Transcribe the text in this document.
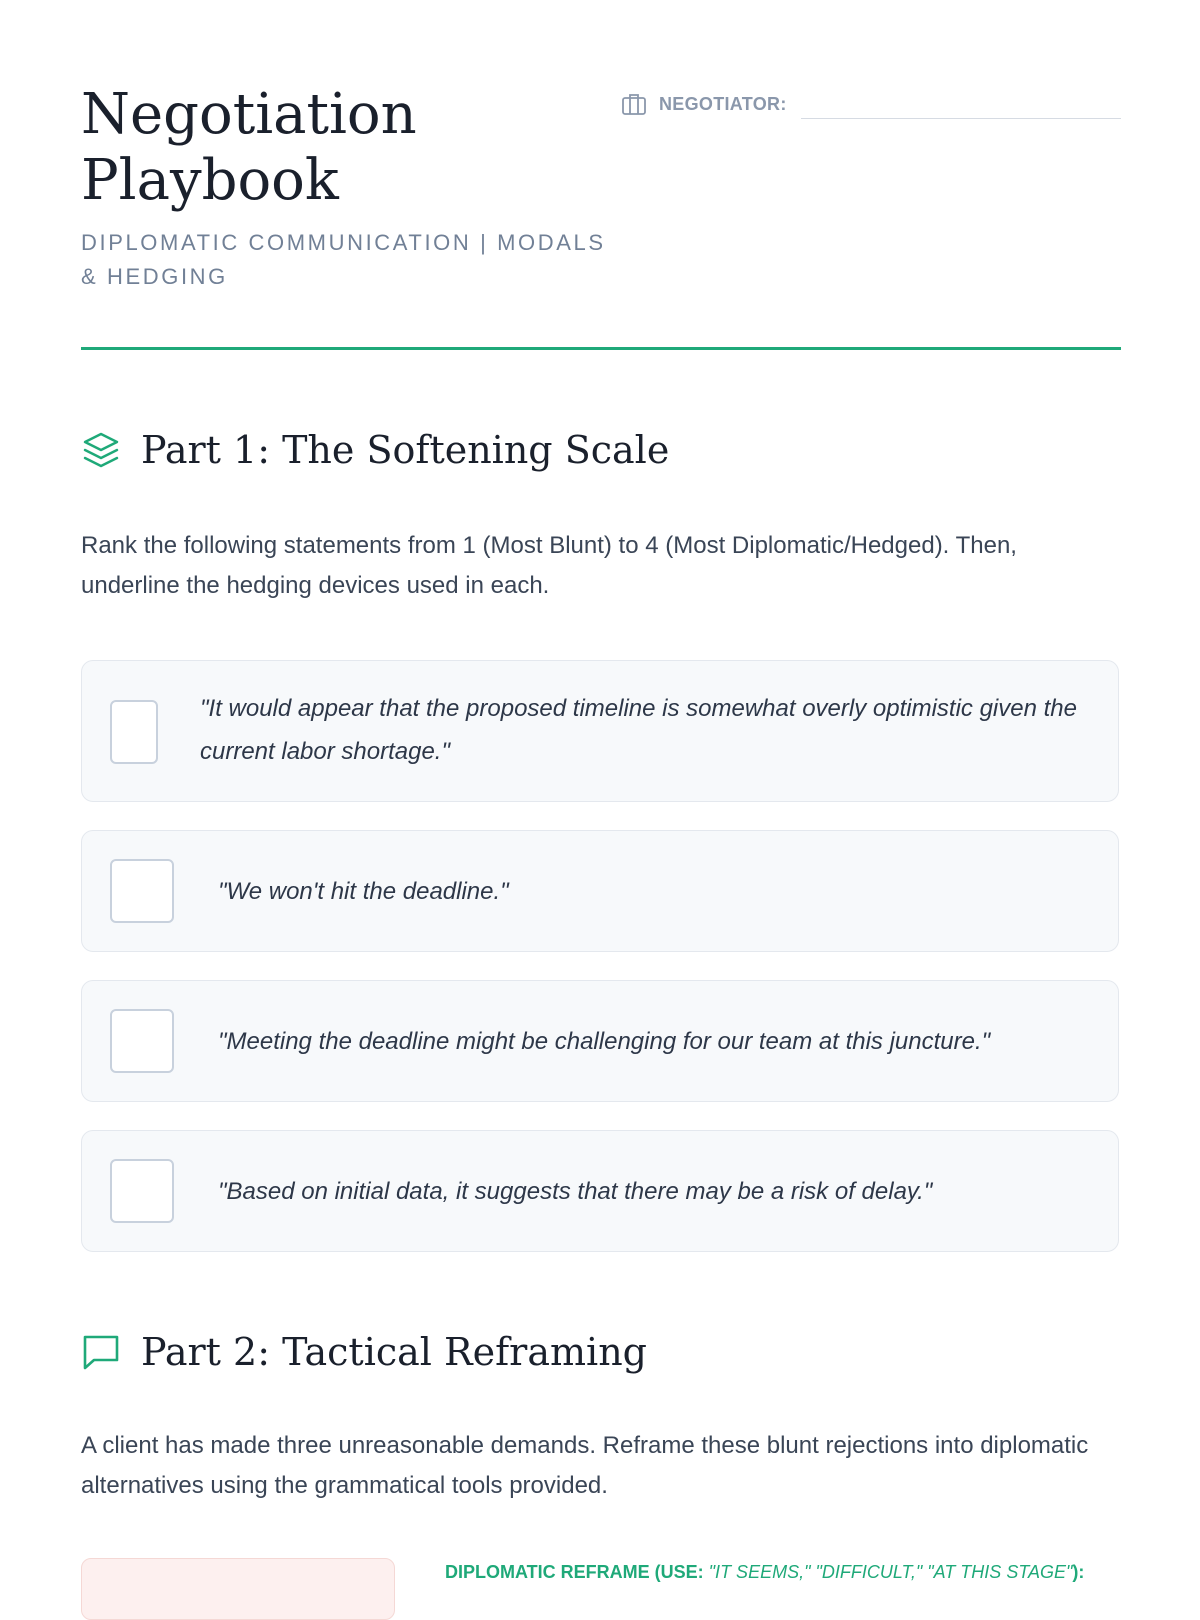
Negotiation Playbook
DIPLOMATIC COMMUNICATION | MODALS & HEDGING
NEGOTIATOR:
Part 1: The Softening Scale
Rank the following statements from 1 (Most Blunt) to 4 (Most Diplomatic/Hedged). Then, underline the hedging devices used in each.
"It would appear that the proposed timeline is somewhat overly optimistic given the current labor shortage."
"We won't hit the deadline."
"Meeting the deadline might be challenging for our team at this juncture."
"Based on initial data, it suggests that there may be a risk of delay."
Part 2: Tactical Reframing
A client has made three unreasonable demands. Reframe these blunt rejections into diplomatic alternatives using the grammatical tools provided.
DIPLOMATIC REFRAME (USE: "IT SEEMS," "DIFFICULT," "AT THIS STAGE"):
